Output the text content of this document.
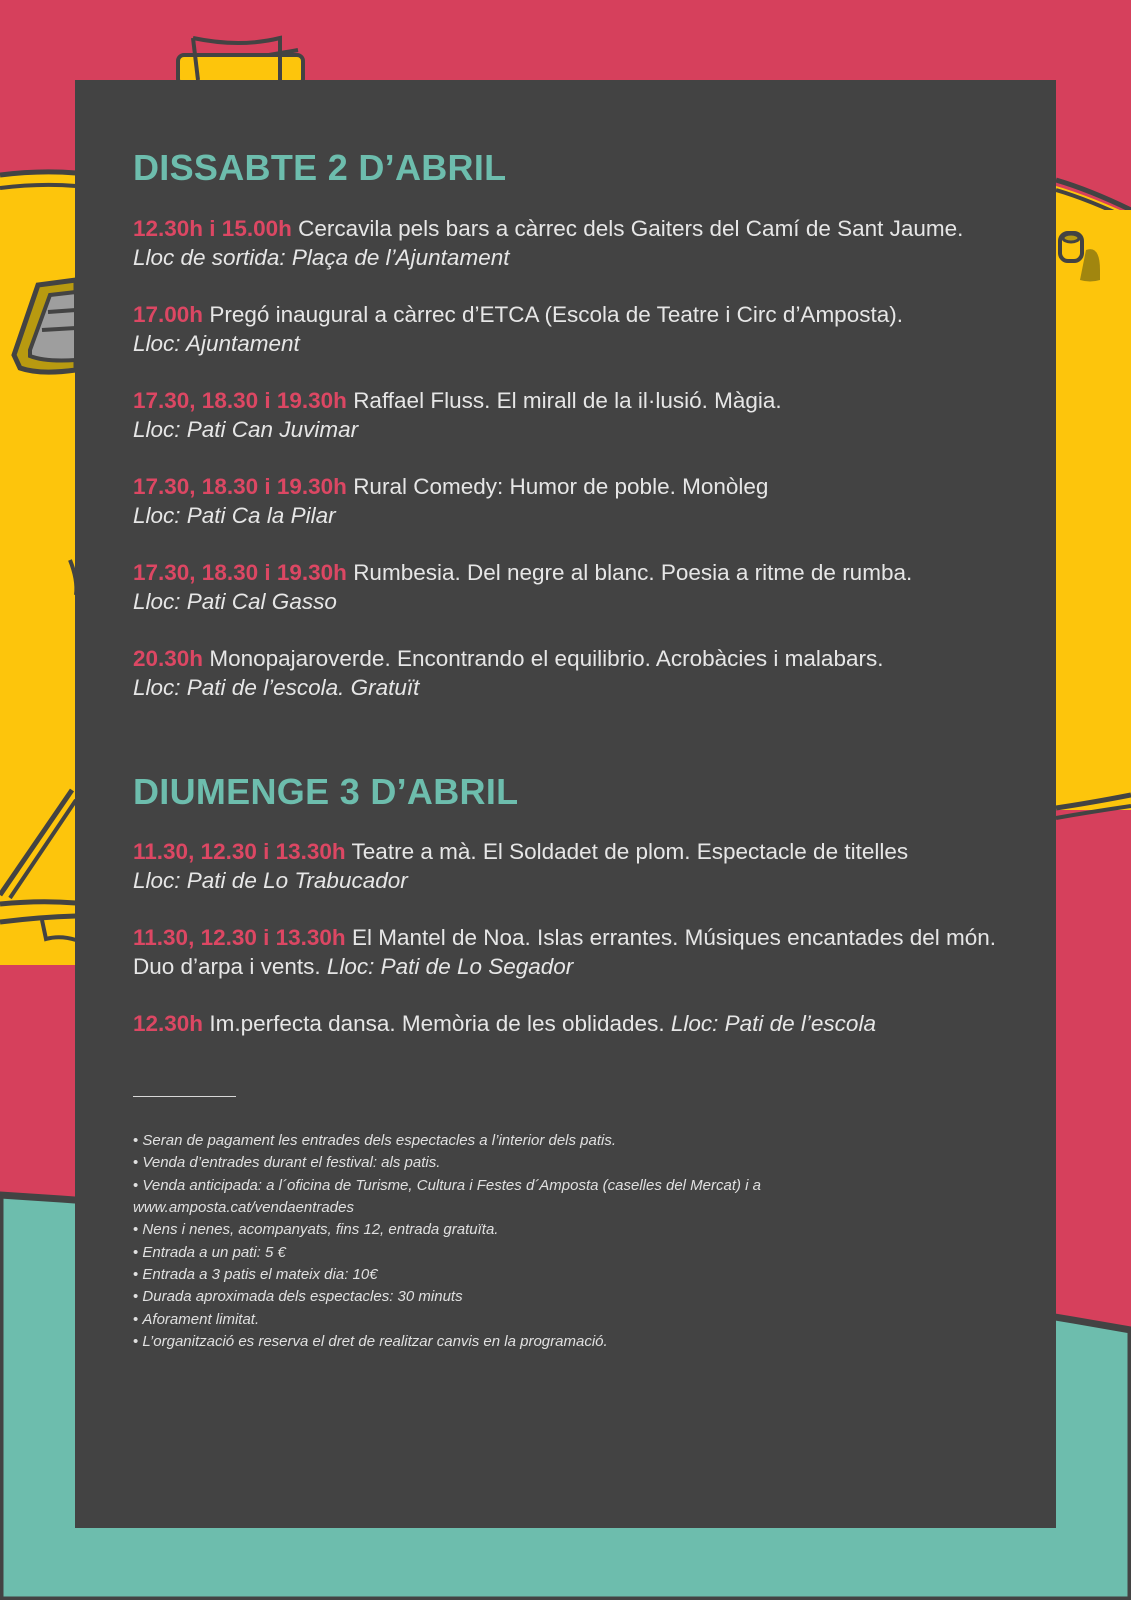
DISSABTE 2 D’ABRIL

12.30h i 15.00h Cercavila pels bars a càrrec dels Gaiters del Camí de Sant Jaume. Lloc de sortida: Plaça de l’Ajuntament

17.00h Pregó inaugural a càrrec d’ETCA (Escola de Teatre i Circ d’Amposta).
Lloc: Ajuntament

17.30, 18.30 i 19.30h Raffael Fluss. El mirall de la il·lusió. Màgia.
Lloc: Pati Can Juvimar

17.30, 18.30 i 19.30h Rural Comedy: Humor de poble. Monòleg
Lloc: Pati Ca la Pilar

17.30, 18.30 i 19.30h Rumbesia. Del negre al blanc. Poesia a ritme de rumba.
Lloc: Pati Cal Gasso

20.30h Monopajaroverde. Encontrando el equilibrio. Acrobàcies i malabars.
Lloc: Pati de l’escola. Gratuït

DIUMENGE 3 D’ABRIL

11.30, 12.30 i 13.30h Teatre a mà. El Soldadet de plom. Espectacle de titelles
Lloc: Pati de Lo Trabucador

11.30, 12.30 i 13.30h El Mantel de Noa. Islas errantes. Músiques encantades del món. Duo d’arpa i vents. Lloc: Pati de Lo Segador

12.30h Im.perfecta dansa. Memòria de les oblidades. Lloc: Pati de l’escola

• Seran de pagament les entrades dels espectacles a l’interior dels patis.
• Venda d’entrades durant el festival: als patis.
• Venda anticipada: a l´oficina de Turisme, Cultura i Festes d´Amposta (caselles del Mercat) i a
www.amposta.cat/vendaentrades
• Nens i nenes, acompanyats, fins 12, entrada gratuïta.
• Entrada a un pati: 5 €
• Entrada a 3 patis el mateix dia: 10€
• Durada aproximada dels espectacles: 30 minuts
• Aforament limitat.
• L’organització es reserva el dret de realitzar canvis en la programació.
